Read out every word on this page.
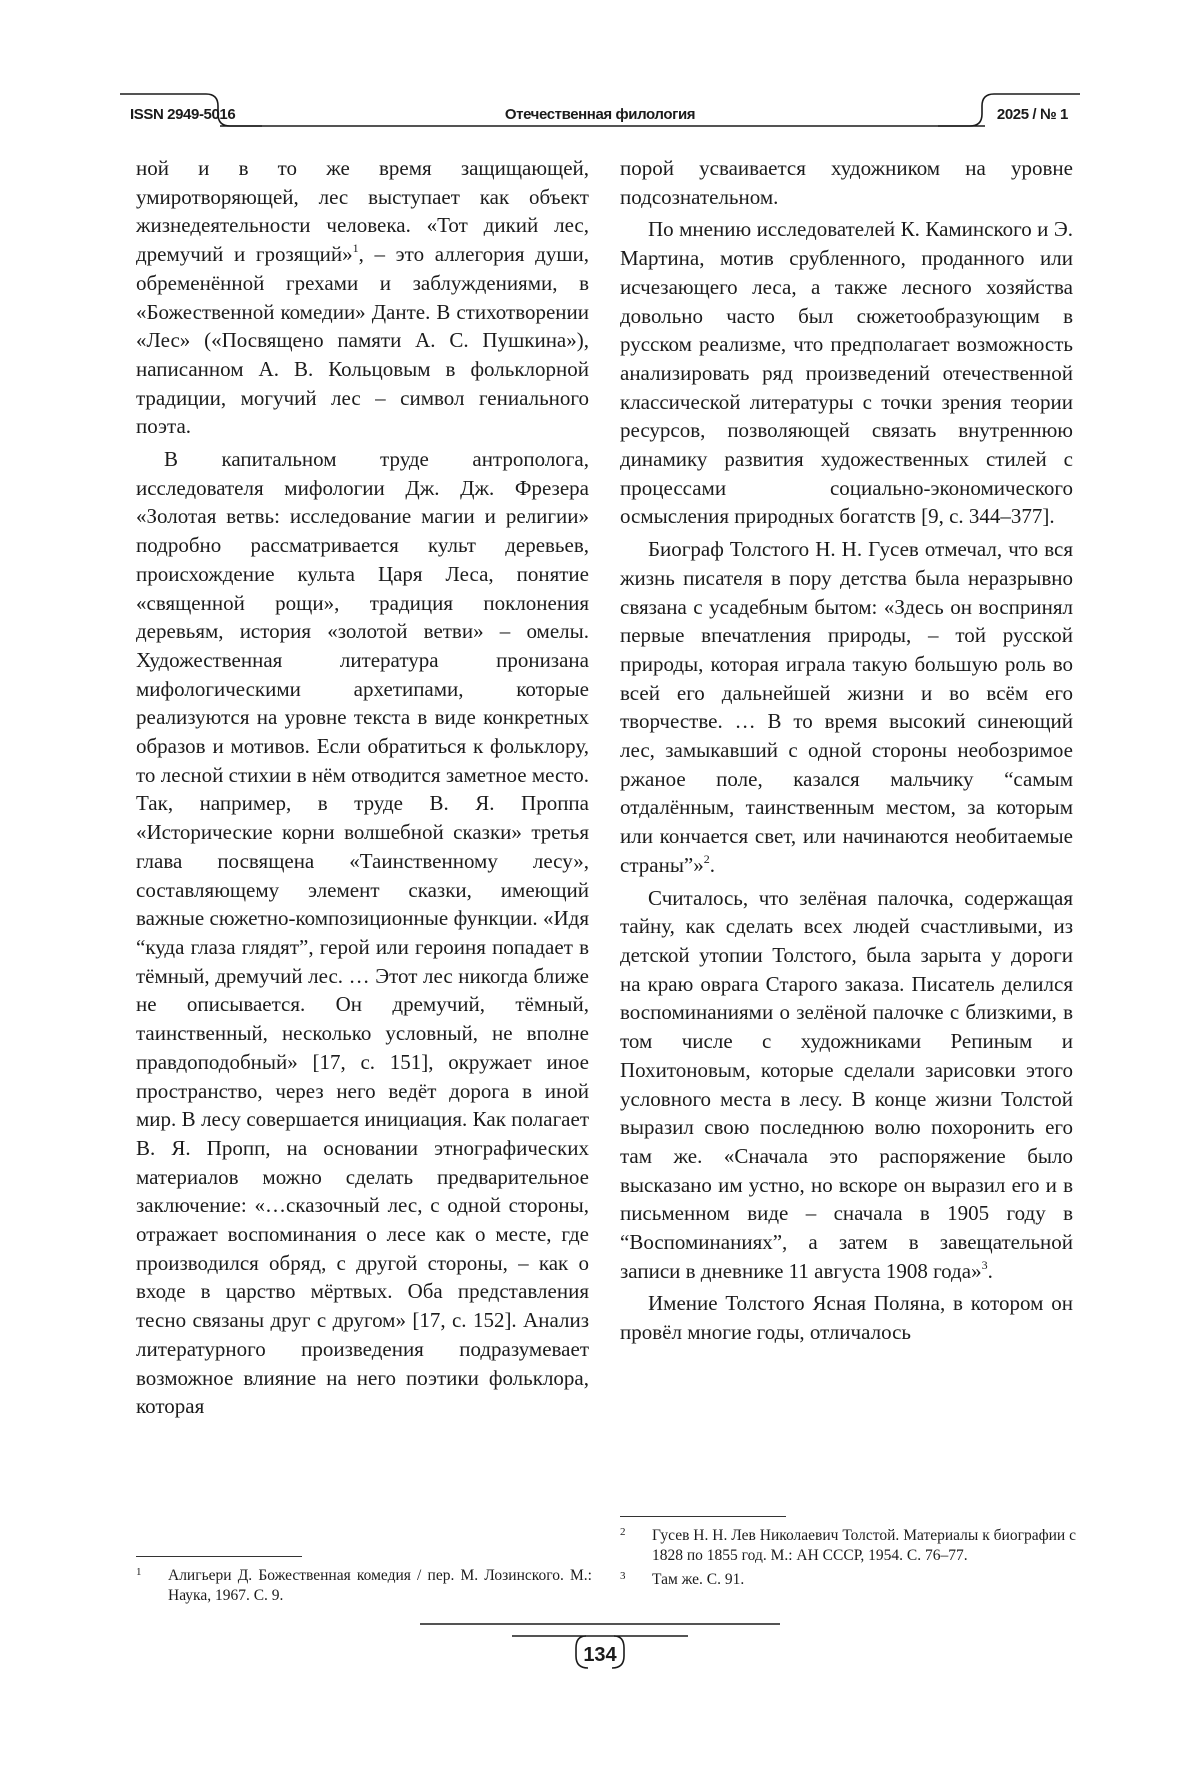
ISSN 2949-5016	Отечественная филология	2025 / № 1

ной и в то же время защищающей, умиротворяющей, лес выступает как объект жизнедеятельности человека. «Тот дикий лес, дремучий и грозящий»$^1$, – это аллегория души, обременённой грехами и заблуждениями, в «Божественной комедии» Данте. В стихотворении «Лес» («Посвящено памяти А. С. Пушкина»), написанном А. В. Кольцовым в фольклорной традиции, могучий лес – символ гениального поэта.

В капитальном труде антрополога, исследователя мифологии Дж. Дж. Фрезера «Золотая ветвь: исследование магии и религии» подробно рассматривается культ деревьев, происхождение культа Царя Леса, понятие «священной рощи», традиция поклонения деревьям, история «золотой ветви» – омелы. Художественная литература пронизана мифологическими архетипами, которые реализуются на уровне текста в виде конкретных образов и мотивов. Если обратиться к фольклору, то лесной стихии в нём отводится заметное место. Так, например, в труде В. Я. Проппа «Исторические корни волшебной сказки» третья глава посвящена «Таинственному лесу», составляющему элемент сказки, имеющий важные сюжетно-композиционные функции. «Идя “куда глаза глядят”, герой или героиня попадает в тёмный, дремучий лес. … Этот лес никогда ближе не описывается. Он дремучий, тёмный, таинственный, несколько условный, не вполне правдоподобный» [17, с. 151], окружает иное пространство, через него ведёт дорога в иной мир. В лесу совершается инициация. Как полагает В. Я. Пропп, на основании этнографических материалов можно сделать предварительное заключение: «…сказочный лес, с одной стороны, отражает воспоминания о лесе как о месте, где производился обряд, с другой стороны, – как о входе в царство мёртвых. Оба представления тесно связаны друг с другом» [17, с. 152]. Анализ литературного произведения подразумевает возможное влияние на него поэтики фольклора, которая

порой усваивается художником на уровне подсознательном.

По мнению исследователей К. Каминского и Э. Мартина, мотив срубленного, проданного или исчезающего леса, а также лесного хозяйства довольно часто был сюжетообразующим в русском реализме, что предполагает возможность анализировать ряд произведений отечественной классической литературы с точки зрения теории ресурсов, позволяющей связать внутреннюю динамику развития художественных стилей с процессами социально-экономического осмысления природных богатств [9, с. 344–377].

Биограф Толстого Н. Н. Гусев отмечал, что вся жизнь писателя в пору детства была неразрывно связана с усадебным бытом: «Здесь он воспринял первые впечатления природы, – той русской природы, которая играла такую большую роль во всей его дальнейшей жизни и во всём его творчестве. … В то время высокий синеющий лес, замыкавший с одной стороны необозримое ржаное поле, казался мальчику “самым отдалённым, таинственным местом, за которым или кончается свет, или начинаются необитаемые страны”»$^2$.

Считалось, что зелёная палочка, содержащая тайну, как сделать всех людей счастливыми, из детской утопии Толстого, была зарыта у дороги на краю оврага Старого заказа. Писатель делился воспоминаниями о зелёной палочке с близкими, в том числе с художниками Репиным и Похитоновым, которые сделали зарисовки этого условного места в лесу. В конце жизни Толстой выразил свою последнюю волю похоронить его там же. «Сначала это распоряжение было высказано им устно, но вскоре он выразил его и в письменном виде – сначала в 1905 году в “Воспоминаниях”, а затем в завещательной записи в дневнике 11 августа 1908 года»$^3$.

Имение Толстого Ясная Поляна, в котором он провёл многие годы, отличалось

1 Алигьери Д. Божественная комедия / пер. М. Лозинского. М.: Наука, 1967. С. 9.
2 Гусев Н. Н. Лев Николаевич Толстой. Материалы к биографии с 1828 по 1855 год. М.: АН СССР, 1954. С. 76–77.
3 Там же. С. 91.
134
